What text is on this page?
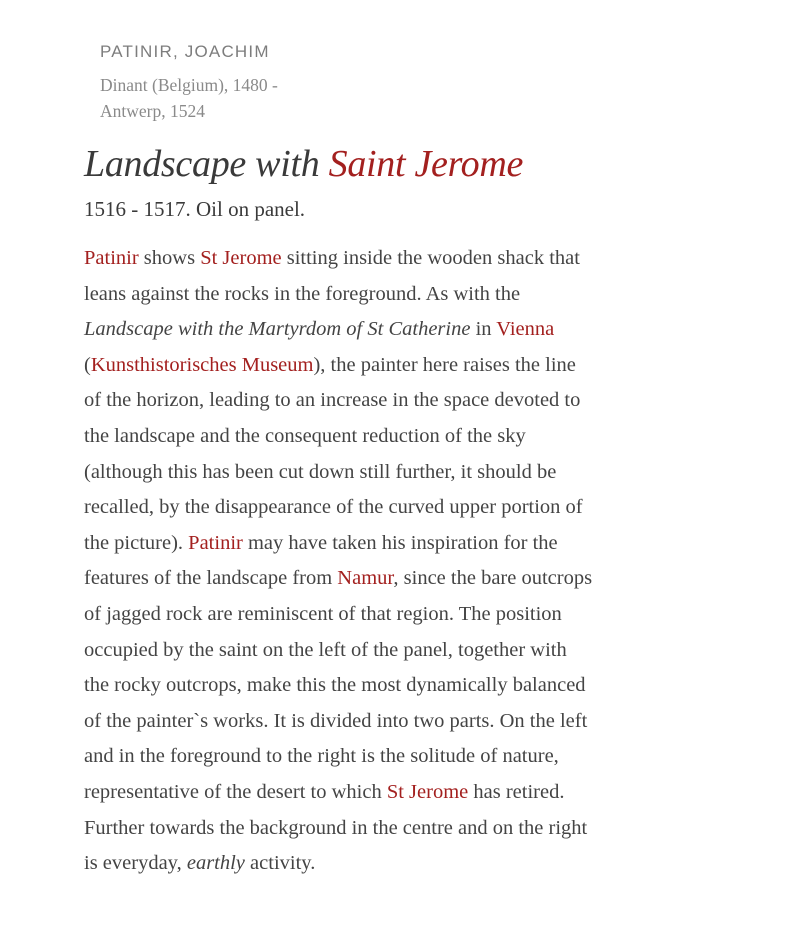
PATINIR, JOACHIM
Dinant (Belgium), 1480 -
Antwerp, 1524
Landscape with Saint Jerome
1516 - 1517. Oil on panel.
Patinir shows St Jerome sitting inside the wooden shack that
leans against the rocks in the foreground. As with the
Landscape with the Martyrdom of St Catherine in Vienna
(Kunsthistorisches Museum), the painter here raises the line
of the horizon, leading to an increase in the space devoted to
the landscape and the consequent reduction of the sky
(although this has been cut down still further, it should be
recalled, by the disappearance of the curved upper portion of
the picture). Patinir may have taken his inspiration for the
features of the landscape from Namur, since the bare outcrops
of jagged rock are reminiscent of that region. The position
occupied by the saint on the left of the panel, together with
the rocky outcrops, make this the most dynamically balanced
of the painter`s works. It is divided into two parts. On the left
and in the foreground to the right is the solitude of nature,
representative of the desert to which St Jerome has retired.
Further towards the background in the centre and on the right
is everyday, earthly activity.
